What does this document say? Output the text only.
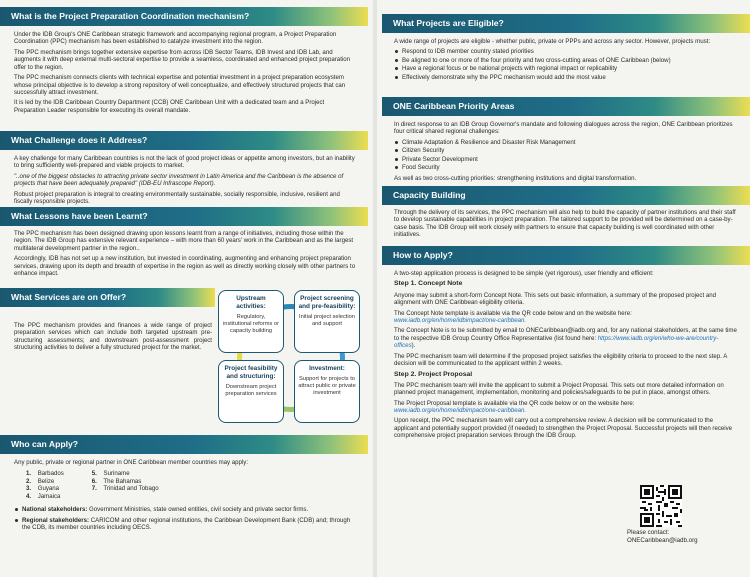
What is the Project Preparation Coordination mechanism?

Under the IDB Group's ONE Caribbean strategic framework and accompanying regional program, a Project Preparation Coordination (PPC) mechanism has been established to catalyze investment into the region.

The PPC mechanism brings together extensive expertise from across IDB Sector Teams, IDB Invest and IDB Lab, and augments it with deep external multi-sectoral expertise to provide a seamless, coordinated and enhanced project preparation offer to the region.

The PPC mechanism connects clients with technical expertise and potential investment in a project preparation ecosystem whose principal objective is to develop a strong repository of well conceptualize, and effectively structured projects that can successfully attract investment.

It is led by the IDB Caribbean Country Department (CCB) ONE Caribbean Unit with a dedicated team and a Project Preparation Leader responsible for executing its overall mandate.

What Challenge does it Address?

A key challenge for many Caribbean countries is not the lack of good project ideas or appetite among investors, but an inability to bring sufficiently well-prepared and viable projects to market.

"..one of the biggest obstacles to attracting private sector investment in Latin America and the Caribbean is the absence of projects that have been adequately prepared" (IDB-EU Infrascope Report).

Robust project preparation is integral to creating environmentally sustainable, socially responsible, inclusive, resilient and fiscally responsible projects.

What Lessons have been Learnt?

The PPC mechanism has been designed drawing upon lessons learnt from a range of initiatives, including those within the region. The IDB Group has extensive relevant experience – with more than 60 years' work in the Caribbean and as the largest multilateral development partner in the region..

Accordingly, IDB has not set up a new institution, but invested in coordinating, augmenting and enhancing project preparation services, drawing upon its depth and breadth of expertise in the region as well as directly working closely with other partners to enhance impact.

What Services are on Offer?

The PPC mechanism provides and finances a wide range of project preparation services which can include both targeted upstream pre-structuring assessments; and downstream post-assessment project structuring activities to deliver a fully structured project for the market.

Upstream activities:
Regulatory, institutional reforms or capacity building
Project screening and pre-feasibility:
Initial project selection and support
Project feasibility and structuring:
Downstream project preparation services
Investment:
Support for projects to attract public or private investment
Who can Apply?

Any public, private or regional partner in ONE Caribbean member countries may apply:

1. Barbados
2. Belize
3. Guyana
4. Jamaica
5. Suriname
6. The Bahamas
7. Trinidad and Tobago
National stakeholders: Government Ministries, state owned entities, civil society and private sector firms.
Regional stakeholders: CARICOM and other regional institutions, the Caribbean Development Bank (CDB) and; through the CDB, its member countries including OECS.
What Projects are Eligible?

A wide range of projects are eligible - whether public, private or PPPs and across any sector. However, projects must:

Respond to IDB member country stated priorities
Be aligned to one or more of the four priority and two cross-cutting areas of ONE Caribbean (below)
Have a regional focus or be national projects with regional impact or replicability
Effectively demonstrate why the PPC mechanism would add the most value
ONE Caribbean Priority Areas

In direct response to an IDB Group Governor's mandate and following dialogues across the region, ONE Caribbean prioritizes four critical shared regional challenges:

Climate Adaptation & Resilience and Disaster Risk Management
Citizen Security
Private Sector Development
Food Security

As well as two cross-cutting priorities: strengthening institutions and digital transformation.

Capacity Building

Through the delivery of its services, the PPC mechanism will also help to build the capacity of partner institutions and their staff to develop sustainable capabilities in project preparation. The tailored support to be provided will be determined on a case-by-case basis. The IDB Group will work closely with partners to ensure that capacity building is well coordinated with other initiatives.

How to Apply?

A two-step application process is designed to be simple (yet rigorous), user friendly and efficient:

Step 1. Concept Note

Anyone may submit a short-form Concept Note. This sets out basic information, a summary of the proposed project and alignment with ONE Caribbean eligibility criteria.

The Concept Note template is available via the QR code below and on the website here:

www.iadb.org/en/home/idbimpact/one-caribbean.

The Concept Note is to be submitted by email to ONECaribbean@iadb.org and, for any national stakeholders, at the same time to the respective IDB Group Country Office Representative (list found here: https://www.iadb.org/en/who-we-are/country-offices).

The PPC mechanism team will determine if the proposed project satisfies the eligibility criteria to proceed to the next step. A decision will be communicated to the applicant within 2 weeks.

Step 2. Project Proposal

The PPC mechanism team will invite the applicant to submit a Project Proposal. This sets out more detailed information on planned project management, implementation, monitoring and policies/safeguards to be put in place, amongst others.

The Project Proposal template is available via the QR code below or on the website here:

www.iadb.org/en/home/idbimpact/one-caribbean.

Upon receipt, the PPC mechanism team will carry out a comprehensive review. A decision will be communicated to the applicant and potentially support provided (if needed) to strengthen the Project Proposal. Successful projects will then receive comprehensive project preparation services through the IDB Group.

Please contact:
ONECaribbean@iadb.org
